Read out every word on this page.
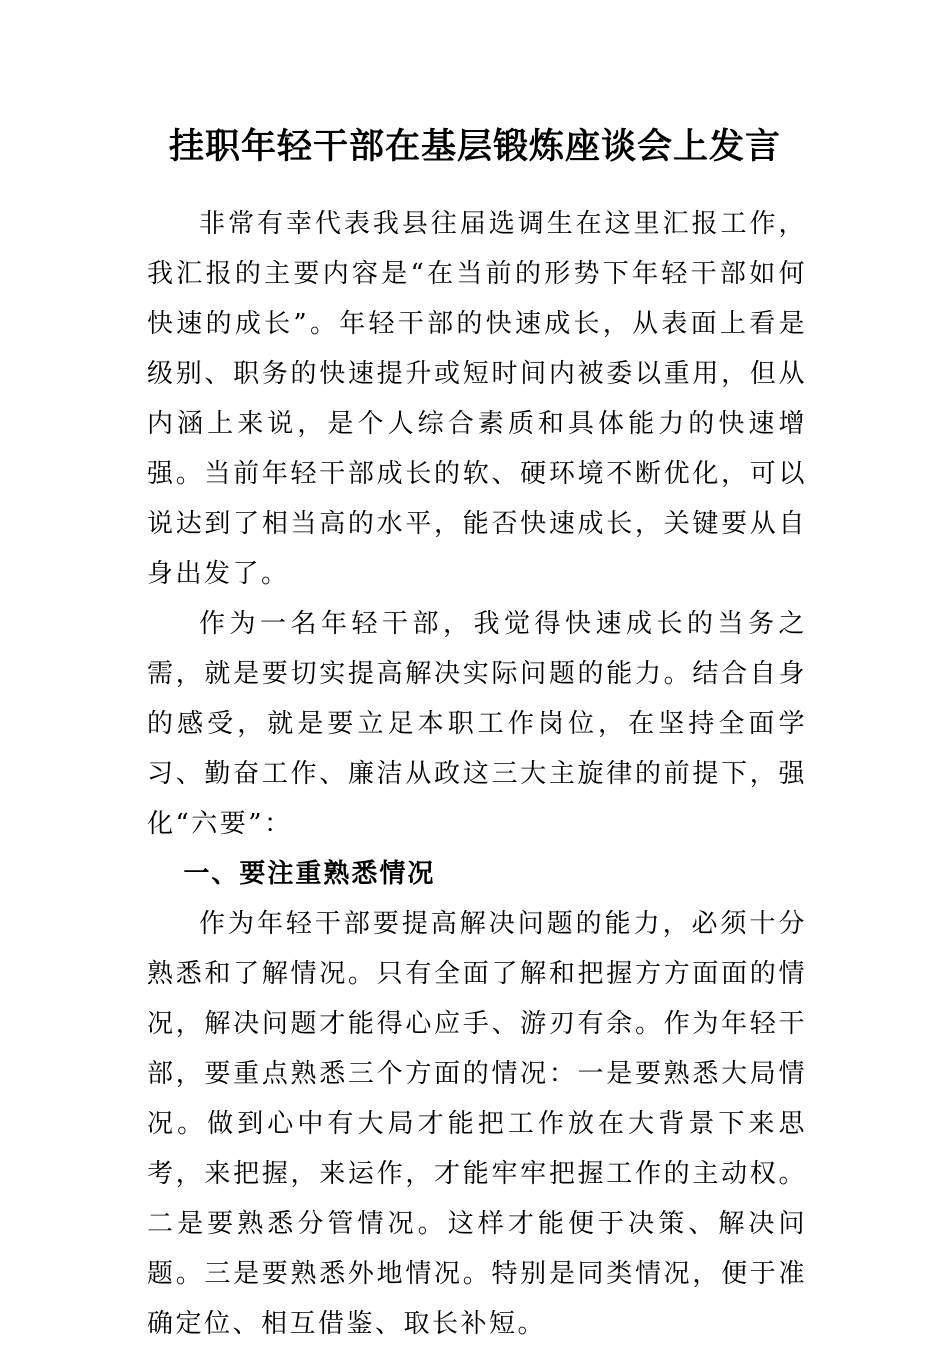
挂职年轻干部在基层锻炼座谈会上发言

非常有幸代表我县往届选调生在这里汇报工作，我汇报的主要内容是“在当前的形势下年轻干部如何快速的成长”。年轻干部的快速成长，从表面上看是级别、职务的快速提升或短时间内被委以重用，但从内涵上来说，是个人综合素质和具体能力的快速增强。当前年轻干部成长的软、硬环境不断优化，可以说达到了相当高的水平，能否快速成长，关键要从自身出发了。

作为一名年轻干部，我觉得快速成长的当务之需，就是要切实提高解决实际问题的能力。结合自身的感受，就是要立足本职工作岗位，在坚持全面学习、勤奋工作、廉洁从政这三大主旋律的前提下，强化“六要”：

一、要注重熟悉情况

作为年轻干部要提高解决问题的能力，必须十分熟悉和了解情况。只有全面了解和把握方方面面的情况，解决问题才能得心应手、游刃有余。作为年轻干部，要重点熟悉三个方面的情况：一是要熟悉大局情况。做到心中有大局才能把工作放在大背景下来思考，来把握，来运作，才能牢牢把握工作的主动权。二是要熟悉分管情况。这样才能便于决策、解决问题。三是要熟悉外地情况。特别是同类情况，便于准确定位、相互借鉴、取长补短。
